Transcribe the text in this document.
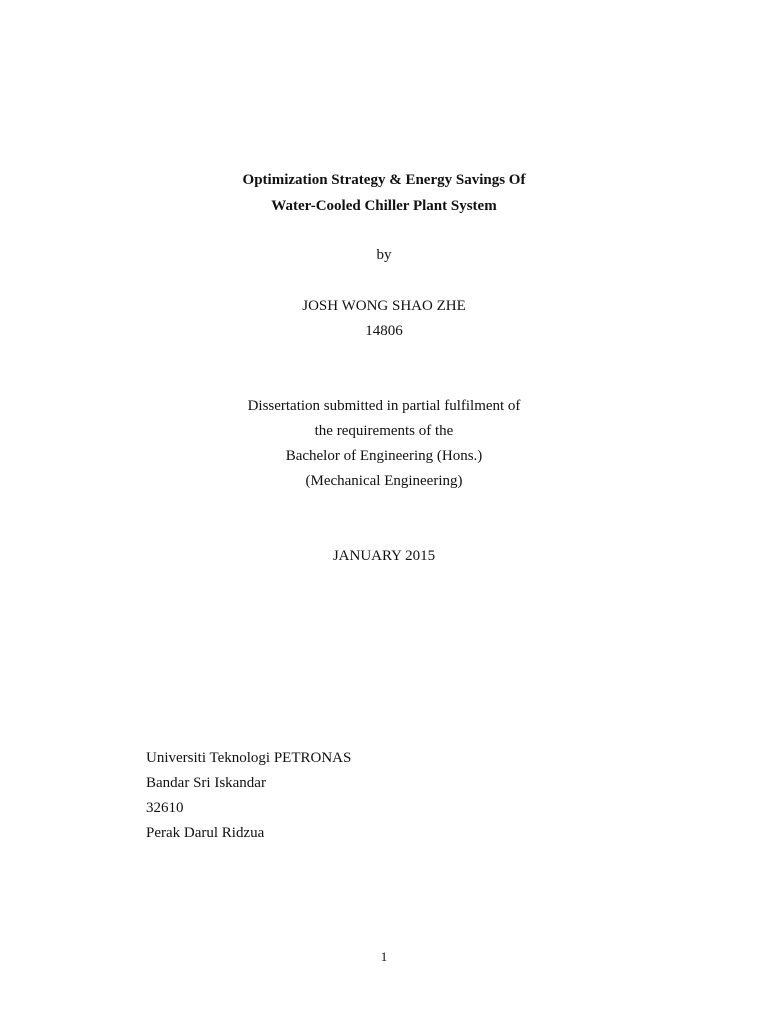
Optimization Strategy & Energy Savings Of
Water-Cooled Chiller Plant System
by
JOSH WONG SHAO ZHE
14806
Dissertation submitted in partial fulfilment of
the requirements of the
Bachelor of Engineering (Hons.)
(Mechanical Engineering)
JANUARY 2015
Universiti Teknologi PETRONAS
Bandar Sri Iskandar
32610
Perak Darul Ridzua
1
